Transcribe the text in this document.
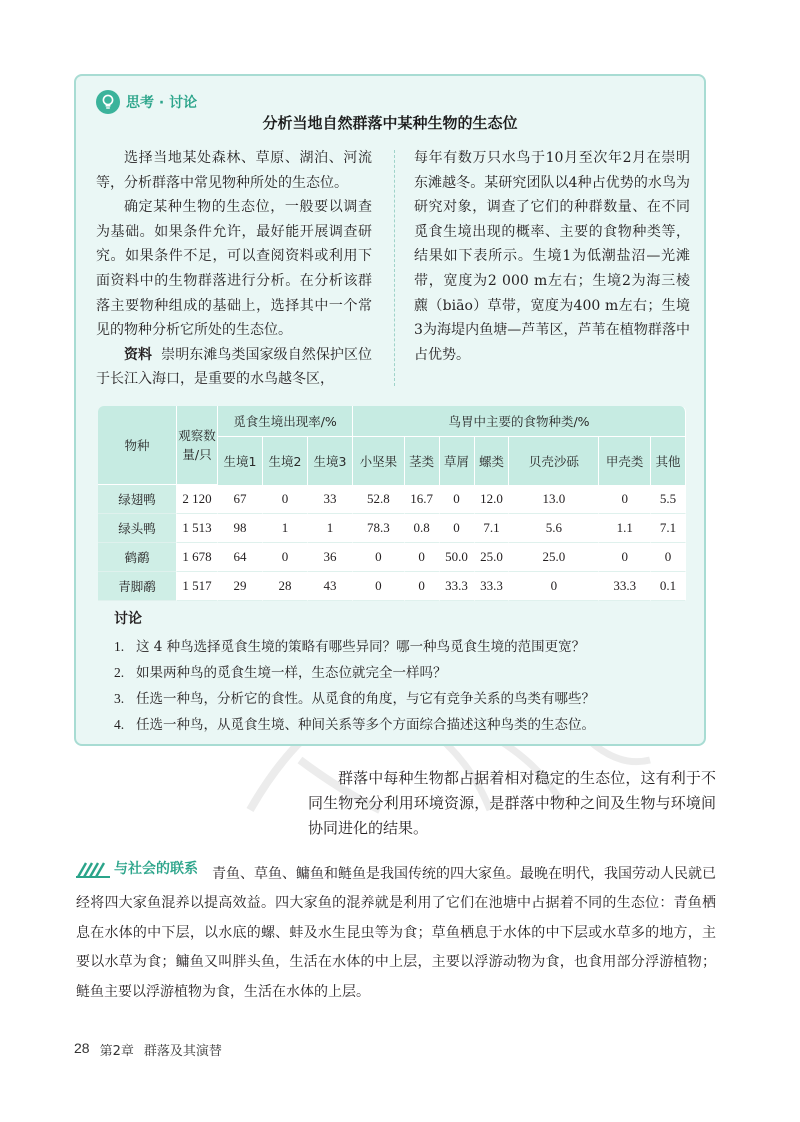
思考 · 讨论
分析当地自然群落中某种生物的生态位

选择当地某处森林、草原、湖泊、河流等，分析群落中常见物种所处的生态位。

确定某种生物的生态位，一般要以调查为基础。如果条件允许，最好能开展调查研究。如果条件不足，可以查阅资料或利用下面资料中的生物群落进行分析。在分析该群落主要物种组成的基础上，选择其中一个常见的物种分析它所处的生态位。

资料 崇明东滩鸟类国家级自然保护区位于长江入海口，是重要的水鸟越冬区，

每年有数万只水鸟于10月至次年2月在崇明东滩越冬。某研究团队以4种占优势的水鸟为研究对象，调查了它们的种群数量、在不同觅食生境出现的概率、主要的食物种类等，结果如下表所示。生境1为低潮盐沼—光滩带，宽度为2 000 m左右；生境2为海三棱藨（biāo）草带，宽度为400 m左右；生境3为海堤内鱼塘—芦苇区，芦苇在植物群落中占优势。

物种	观察数量/只	觅食生境出现率/%			鸟胃中主要的食物种类/%						
		生境1	生境2	生境3	小坚果	茎类	草屑	螺类	贝壳沙砾	甲壳类	其他
绿翅鸭	2 120	67	0	33	52.8	16.7	0	12.0	13.0	0	5.5
绿头鸭	1 513	98	1	1	78.3	0.8	0	7.1	5.6	1.1	7.1
鹤鹬	1 678	64	0	36	0	0	50.0	25.0	25.0	0	0
青脚鹬	1 517	29	28	43	0	0	33.3	33.3	0	33.3	0.1
讨论
1. 这 4 种鸟选择觅食生境的策略有哪些异同？哪一种鸟觅食生境的范围更宽？
2. 如果两种鸟的觅食生境一样，生态位就完全一样吗？
3. 任选一种鸟，分析它的食性。从觅食的角度，与它有竞争关系的鸟类有哪些？
4. 任选一种鸟，从觅食生境、种间关系等多个方面综合描述这种鸟类的生态位。

群落中每种生物都占据着相对稳定的生态位，这有利于不同生物充分利用环境资源，是群落中物种之间及生物与环境间协同进化的结果。

与社会的联系 青鱼、草鱼、鳙鱼和鲢鱼是我国传统的四大家鱼。最晚在明代，我国劳动人民就已经将四大家鱼混养以提高效益。四大家鱼的混养就是利用了它们在池塘中占据着不同的生态位：青鱼栖息在水体的中下层，以水底的螺、蚌及水生昆虫等为食；草鱼栖息于水体的中下层或水草多的地方，主要以水草为食；鳙鱼又叫胖头鱼，生活在水体的中上层，主要以浮游动物为食，也食用部分浮游植物；鲢鱼主要以浮游植物为食，生活在水体的上层。
28 第2章 群落及其演替
